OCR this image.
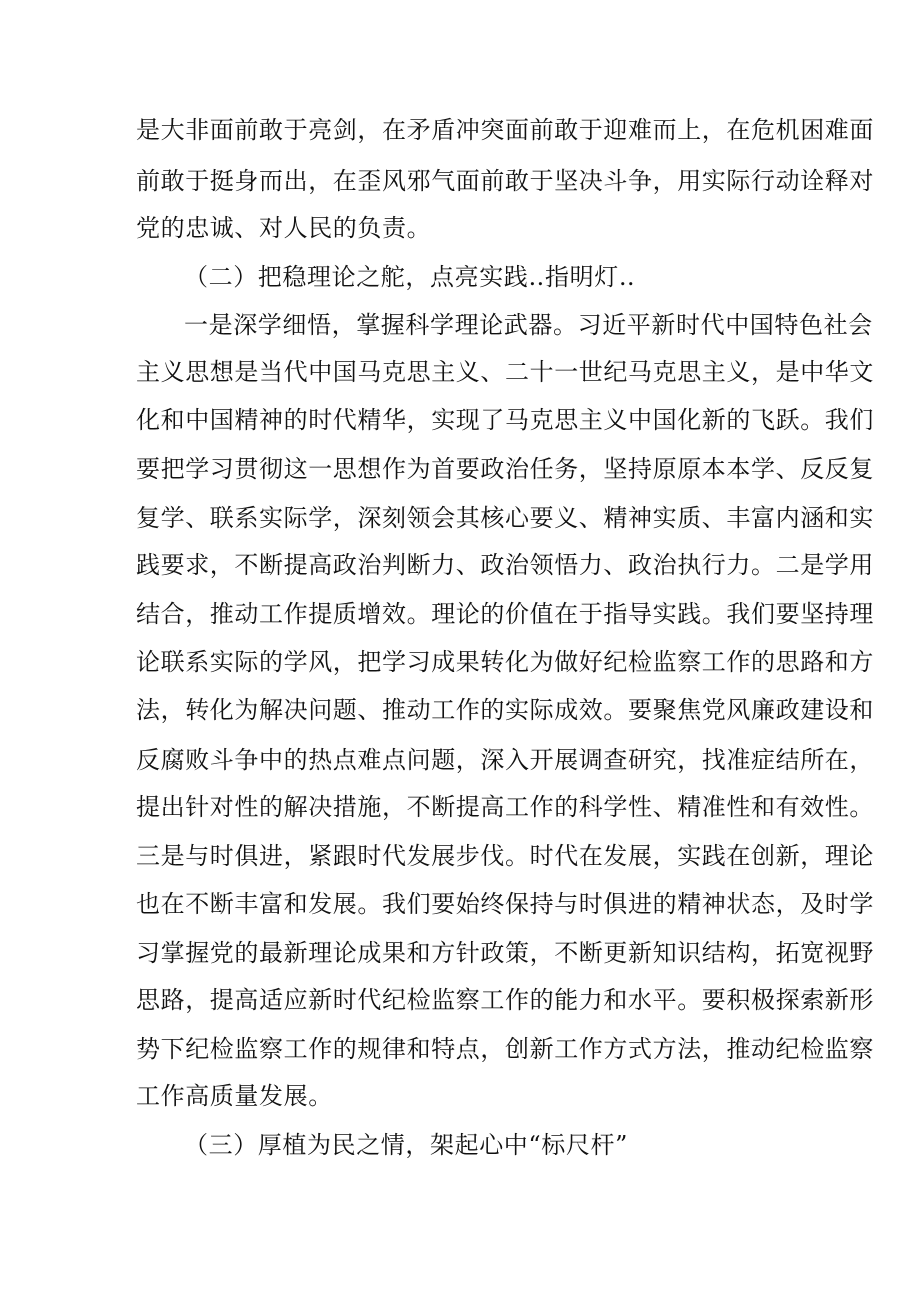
是大非面前敢于亮剑，在矛盾冲突面前敢于迎难而上，在危机困难面
前敢于挺身而出，在歪风邪气面前敢于坚决斗争，用实际行动诠释对
党的忠诚、对人民的负责。
（二）把稳理论之舵，点亮实践‥指明灯‥
一是深学细悟，掌握科学理论武器。习近平新时代中国特色社会
主义思想是当代中国马克思主义、二十一世纪马克思主义，是中华文
化和中国精神的时代精华，实现了马克思主义中国化新的飞跃。我们
要把学习贯彻这一思想作为首要政治任务，坚持原原本本学、反反复
复学、联系实际学，深刻领会其核心要义、精神实质、丰富内涵和实
践要求，不断提高政治判断力、政治领悟力、政治执行力。二是学用
结合，推动工作提质增效。理论的价值在于指导实践。我们要坚持理
论联系实际的学风，把学习成果转化为做好纪检监察工作的思路和方
法，转化为解决问题、推动工作的实际成效。要聚焦党风廉政建设和
反腐败斗争中的热点难点问题，深入开展调查研究，找准症结所在，
提出针对性的解决措施，不断提高工作的科学性、精准性和有效性。
三是与时俱进，紧跟时代发展步伐。时代在发展，实践在创新，理论
也在不断丰富和发展。我们要始终保持与时俱进的精神状态，及时学
习掌握党的最新理论成果和方针政策，不断更新知识结构，拓宽视野
思路，提高适应新时代纪检监察工作的能力和水平。要积极探索新形
势下纪检监察工作的规律和特点，创新工作方式方法，推动纪检监察
工作高质量发展。
（三）厚植为民之情，架起心中“标尺杆”
